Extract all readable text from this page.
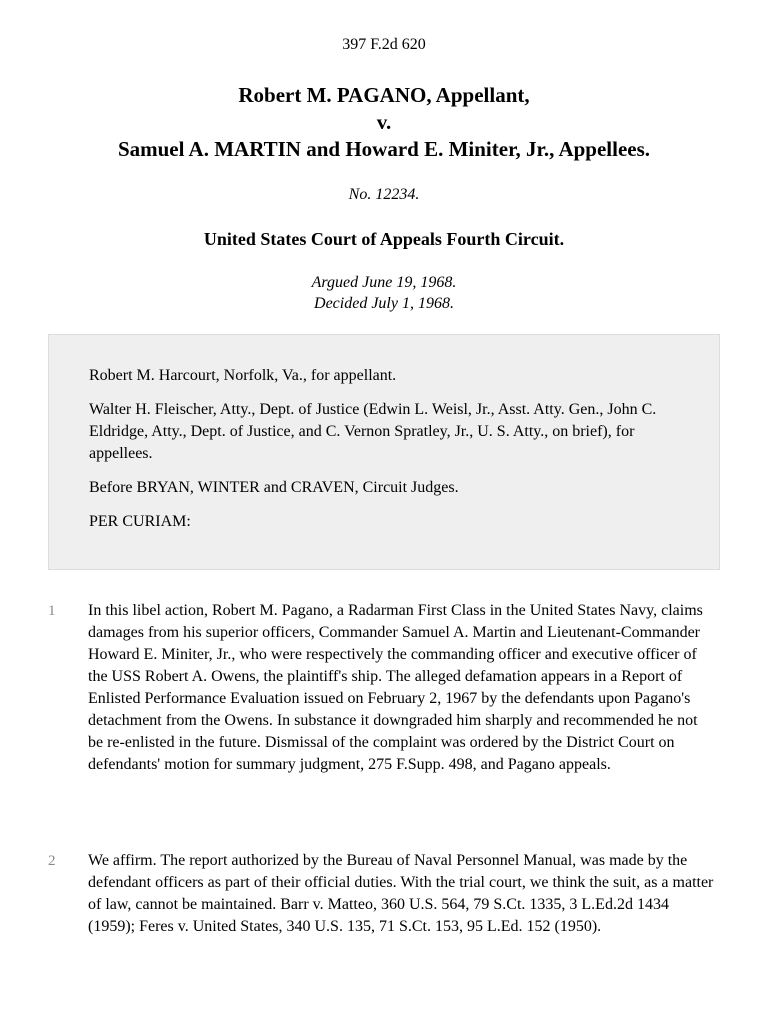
397 F.2d 620
Robert M. PAGANO, Appellant,
v.
Samuel A. MARTIN and Howard E. Miniter, Jr., Appellees.
No. 12234.
United States Court of Appeals Fourth Circuit.
Argued June 19, 1968.
Decided July 1, 1968.

Robert M. Harcourt, Norfolk, Va., for appellant.

Walter H. Fleischer, Atty., Dept. of Justice (Edwin L. Weisl, Jr., Asst. Atty. Gen., John C. Eldridge, Atty., Dept. of Justice, and C. Vernon Spratley, Jr., U. S. Atty., on brief), for appellees.

Before BRYAN, WINTER and CRAVEN, Circuit Judges.

PER CURIAM:

1 In this libel action, Robert M. Pagano, a Radarman First Class in the United States Navy, claims damages from his superior officers, Commander Samuel A. Martin and Lieutenant-Commander Howard E. Miniter, Jr., who were respectively the commanding officer and executive officer of the USS Robert A. Owens, the plaintiff's ship. The alleged defamation appears in a Report of Enlisted Performance Evaluation issued on February 2, 1967 by the defendants upon Pagano's detachment from the Owens. In substance it downgraded him sharply and recommended he not be re-enlisted in the future. Dismissal of the complaint was ordered by the District Court on defendants' motion for summary judgment, 275 F.Supp. 498, and Pagano appeals.
2 We affirm. The report authorized by the Bureau of Naval Personnel Manual, was made by the defendant officers as part of their official duties. With the trial court, we think the suit, as a matter of law, cannot be maintained. Barr v. Matteo, 360 U.S. 564, 79 S.Ct. 1335, 3 L.Ed.2d 1434 (1959); Feres v. United States, 340 U.S. 135, 71 S.Ct. 153, 95 L.Ed. 152 (1950).
